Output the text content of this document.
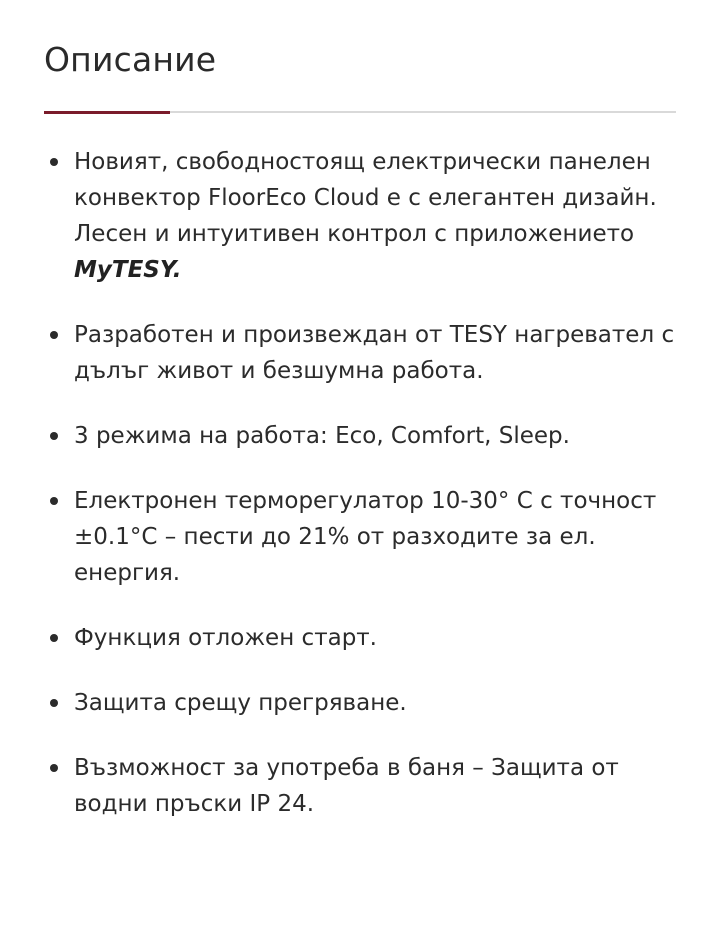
Описание
Новият, свободностоящ електрически панелен конвектор FloorEco Cloud е с елегантен дизайн. Лесен и интуитивен контрол с приложението MyTESY.
Разработен и произвеждан от TESY нагревател с дълъг живот и безшумна работа.
3 режима на работа: Eco, Comfort, Sleep.
Електронен терморегулатор 10-30° С с точност ±0.1°С – пести до 21% от разходите за ел. енергия.
Функция отложен старт.
Защита срещу прегряване.
Възможност за употреба в баня – Защита от водни пръски IP 24.
